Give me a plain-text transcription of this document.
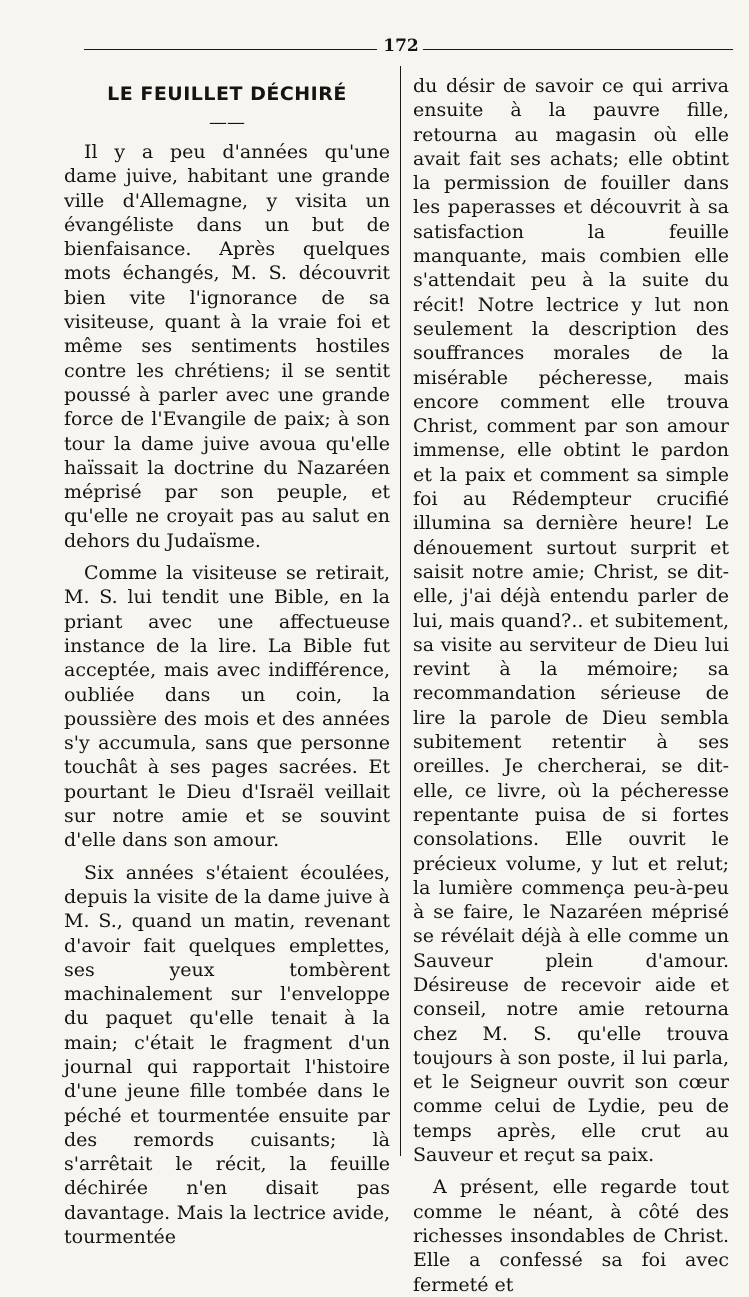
172
LE FEUILLET DÉCHIRÉ
——

Il y a peu d'années qu'une dame juive, habitant une grande ville d'Allemagne, y visita un évangéliste dans un but de bienfaisance. Après quelques mots échangés, M. S. découvrit bien vite l'ignorance de sa visiteuse, quant à la vraie foi et même ses sentiments hostiles contre les chrétiens; il se sentit poussé à parler avec une grande force de l'Evangile de paix; à son tour la dame juive avoua qu'elle haïssait la doctrine du Nazaréen méprisé par son peuple, et qu'elle ne croyait pas au salut en dehors du Judaïsme.

Comme la visiteuse se retirait, M. S. lui tendit une Bible, en la priant avec une affectueuse instance de la lire. La Bible fut acceptée, mais avec indifférence, oubliée dans un coin, la poussière des mois et des années s'y accumula, sans que personne touchât à ses pages sacrées. Et pourtant le Dieu d'Israël veillait sur notre amie et se souvint d'elle dans son amour.

Six années s'étaient écoulées, depuis la visite de la dame juive à M. S., quand un matin, revenant d'avoir fait quelques emplettes, ses yeux tombèrent machinalement sur l'enveloppe du paquet qu'elle tenait à la main; c'était le fragment d'un journal qui rapportait l'histoire d'une jeune fille tombée dans le péché et tourmentée ensuite par des remords cuisants; là s'arrêtait le récit, la feuille déchirée n'en disait pas davantage. Mais la lectrice avide, tourmentée

du désir de savoir ce qui arriva ensuite à la pauvre fille, retourna au magasin où elle avait fait ses achats; elle obtint la permission de fouiller dans les paperasses et découvrit à sa satisfaction la feuille manquante, mais combien elle s'attendait peu à la suite du récit! Notre lectrice y lut non seulement la description des souffrances morales de la misérable pécheresse, mais encore comment elle trouva Christ, comment par son amour immense, elle obtint le pardon et la paix et comment sa simple foi au Rédempteur crucifié illumina sa dernière heure! Le dénouement surtout surprit et saisit notre amie; Christ, se dit-elle, j'ai déjà entendu parler de lui, mais quand?.. et subitement, sa visite au serviteur de Dieu lui revint à la mémoire; sa recommandation sérieuse de lire la parole de Dieu sembla subitement retentir à ses oreilles. Je chercherai, se dit-elle, ce livre, où la pécheresse repentante puisa de si fortes consolations. Elle ouvrit le précieux volume, y lut et relut; la lumière commença peu-à-peu à se faire, le Nazaréen méprisé se révélait déjà à elle comme un Sauveur plein d'amour. Désireuse de recevoir aide et conseil, notre amie retourna chez M. S. qu'elle trouva toujours à son poste, il lui parla, et le Seigneur ouvrit son cœur comme celui de Lydie, peu de temps après, elle crut au Sauveur et reçut sa paix.

A présent, elle regarde tout comme le néant, à côté des richesses insondables de Christ. Elle a confessé sa foi avec fermeté et
